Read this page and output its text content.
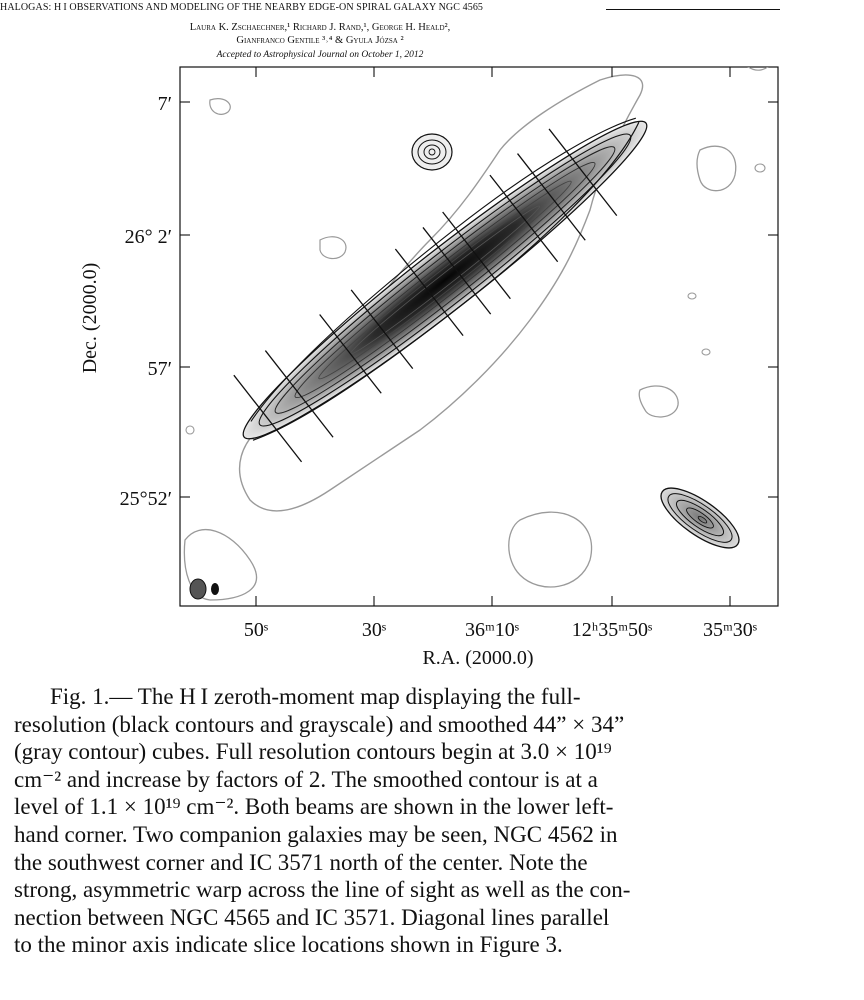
HALOGAS: H I OBSERVATIONS AND MODELING OF THE NEARBY EDGE-ON SPIRAL GALAXY NGC 4565
Laura K. Zschaechner,¹ Richard J. Rand,¹, George H. Heald²,
Gianfranco Gentile ³˒⁴ & Gyula Józsa ²
Accepted to Astrophysical Journal on October 1, 2012
7′
26° 2′
57′
25°52′
50ˢ	30ˢ	36ᵐ10ˢ	12ʰ35ᵐ50ˢ	35ᵐ30ˢ
R.A. (2000.0)
Dec. (2000.0)
Fig. 1.— The H I zeroth-moment map displaying the full-
resolution (black contours and grayscale) and smoothed 44” × 34”
(gray contour) cubes. Full resolution contours begin at 3.0 × 10¹⁹
cm⁻² and increase by factors of 2. The smoothed contour is at a
level of 1.1 × 10¹⁹ cm⁻². Both beams are shown in the lower left-
hand corner. Two companion galaxies may be seen, NGC 4562 in
the southwest corner and IC 3571 north of the center. Note the
strong, asymmetric warp across the line of sight as well as the con-
nection between NGC 4565 and IC 3571. Diagonal lines parallel
to the minor axis indicate slice locations shown in Figure 3.
